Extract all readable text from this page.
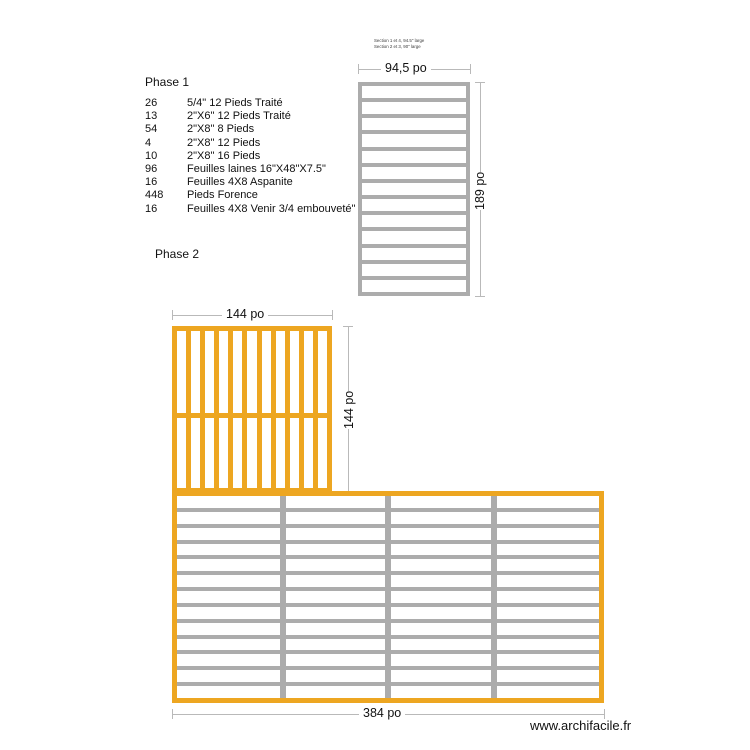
Phase 1
26	5/4" 12 Pieds Traité
13	2"X6" 12 Pieds Traité
54	2"X8" 8 Pieds
4	2"X8" 12 Pieds
10	2"X8" 16 Pieds
96	Feuilles laines 16"X48"X7.5"
16	Feuilles 4X8 Aspanite
448	Pieds Forence
16	Feuilles 4X8 Venir 3/4 embouveté"
Phase 2
Section 1 et 4, 94.5" large
Section 2 et 3, 90" large
94,5 po
189 po
144 po
144 po
384 po
www.archifacile.fr
